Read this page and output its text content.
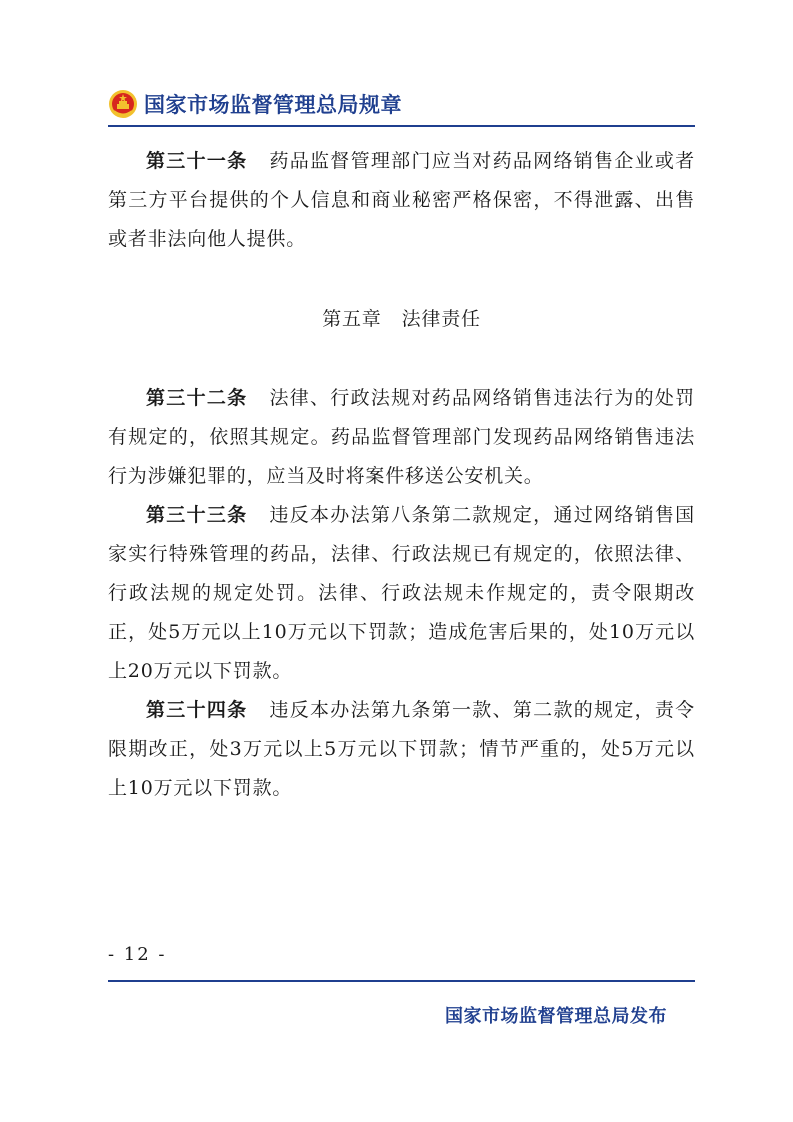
国家市场监督管理总局规章

第三十一条 药品监督管理部门应当对药品网络销售企业或者第三方平台提供的个人信息和商业秘密严格保密，不得泄露、出售或者非法向他人提供。

第五章 法律责任

第三十二条 法律、行政法规对药品网络销售违法行为的处罚有规定的，依照其规定。药品监督管理部门发现药品网络销售违法行为涉嫌犯罪的，应当及时将案件移送公安机关。

第三十三条 违反本办法第八条第二款规定，通过网络销售国家实行特殊管理的药品，法律、行政法规已有规定的，依照法律、行政法规的规定处罚。法律、行政法规未作规定的，责令限期改正，处5万元以上10万元以下罚款；造成危害后果的，处10万元以上20万元以下罚款。

第三十四条 违反本办法第九条第一款、第二款的规定，责令限期改正，处3万元以上5万元以下罚款；情节严重的，处5万元以上10万元以下罚款。

- 12 -
国家市场监督管理总局发布
